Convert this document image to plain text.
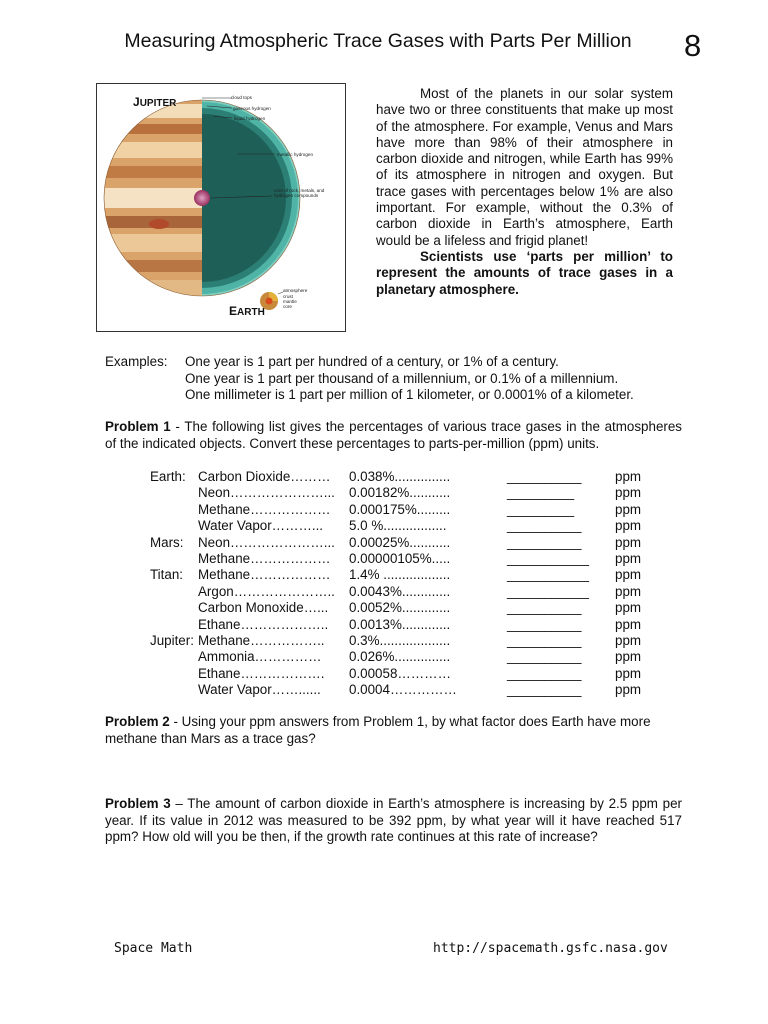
Measuring Atmospheric Trace Gases with Parts Per Million	8
JUPITER
EARTH
cloud tops
gaseous hydrogen
liquid hydrogen
metallic hydrogen
core of rock, metals, and hydrogen compounds
atmosphere
crust
mantle
core

Most of the planets in our solar system have two or three constituents that make up most of the atmosphere. For example, Venus and Mars have more than 98% of their atmosphere in carbon dioxide and nitrogen, while Earth has 99% of its atmosphere in nitrogen and oxygen. But trace gases with percentages below 1% are also important. For example, without the 0.3% of carbon dioxide in Earth’s atmosphere, Earth would be a lifeless and frigid planet!

Scientists use ‘parts per million’ to represent the amounts of trace gases in a planetary atmosphere.

Examples: One year is 1 part per hundred of a century, or 1% of a century.
One year is 1 part per thousand of a millennium, or 0.1% of a millennium.
One millimeter is 1 part per million of 1 kilometer, or 0.0001% of a kilometer.
Problem 1 - The following list gives the percentages of various trace gases in the atmospheres of the indicated objects. Convert these percentages to parts-per-million (ppm) units.
Earth: Carbon Dioxide……… 0.038%...............	__________	ppm
Neon…………………... 0.00182%...........	_________	ppm
Methane……………… 0.000175%.........	_________	ppm
Water Vapor………... 5.0 %.................	__________	ppm
Mars: Neon…………………... 0.00025%...........	__________	ppm
Methane……………… 0.00000105%.....	___________ ppm
Titan: Methane……………… 1.4% ..................	___________ ppm
Argon………………….. 0.0043%.............	___________ ppm
Carbon Monoxide…... 0.0052%.............	__________	ppm
Ethane……………….. 0.0013%.............	__________	ppm
Jupiter: Methane…………….. 0.3%...................	__________	ppm
Ammonia…………… 0.026%...............	__________	ppm
Ethane………………. 0.00058…………	__________	ppm
Water Vapor……...... 0.0004……………	__________	ppm
Problem 2 - Using your ppm answers from Problem 1, by what factor does Earth have more methane than Mars as a trace gas?
Problem 3 – The amount of carbon dioxide in Earth’s atmosphere is increasing by 2.5 ppm per year. If its value in 2012 was measured to be 392 ppm, by what year will it have reached 517 ppm? How old will you be then, if the growth rate continues at this rate of increase?
Space Math	http://spacemath.gsfc.nasa.gov
